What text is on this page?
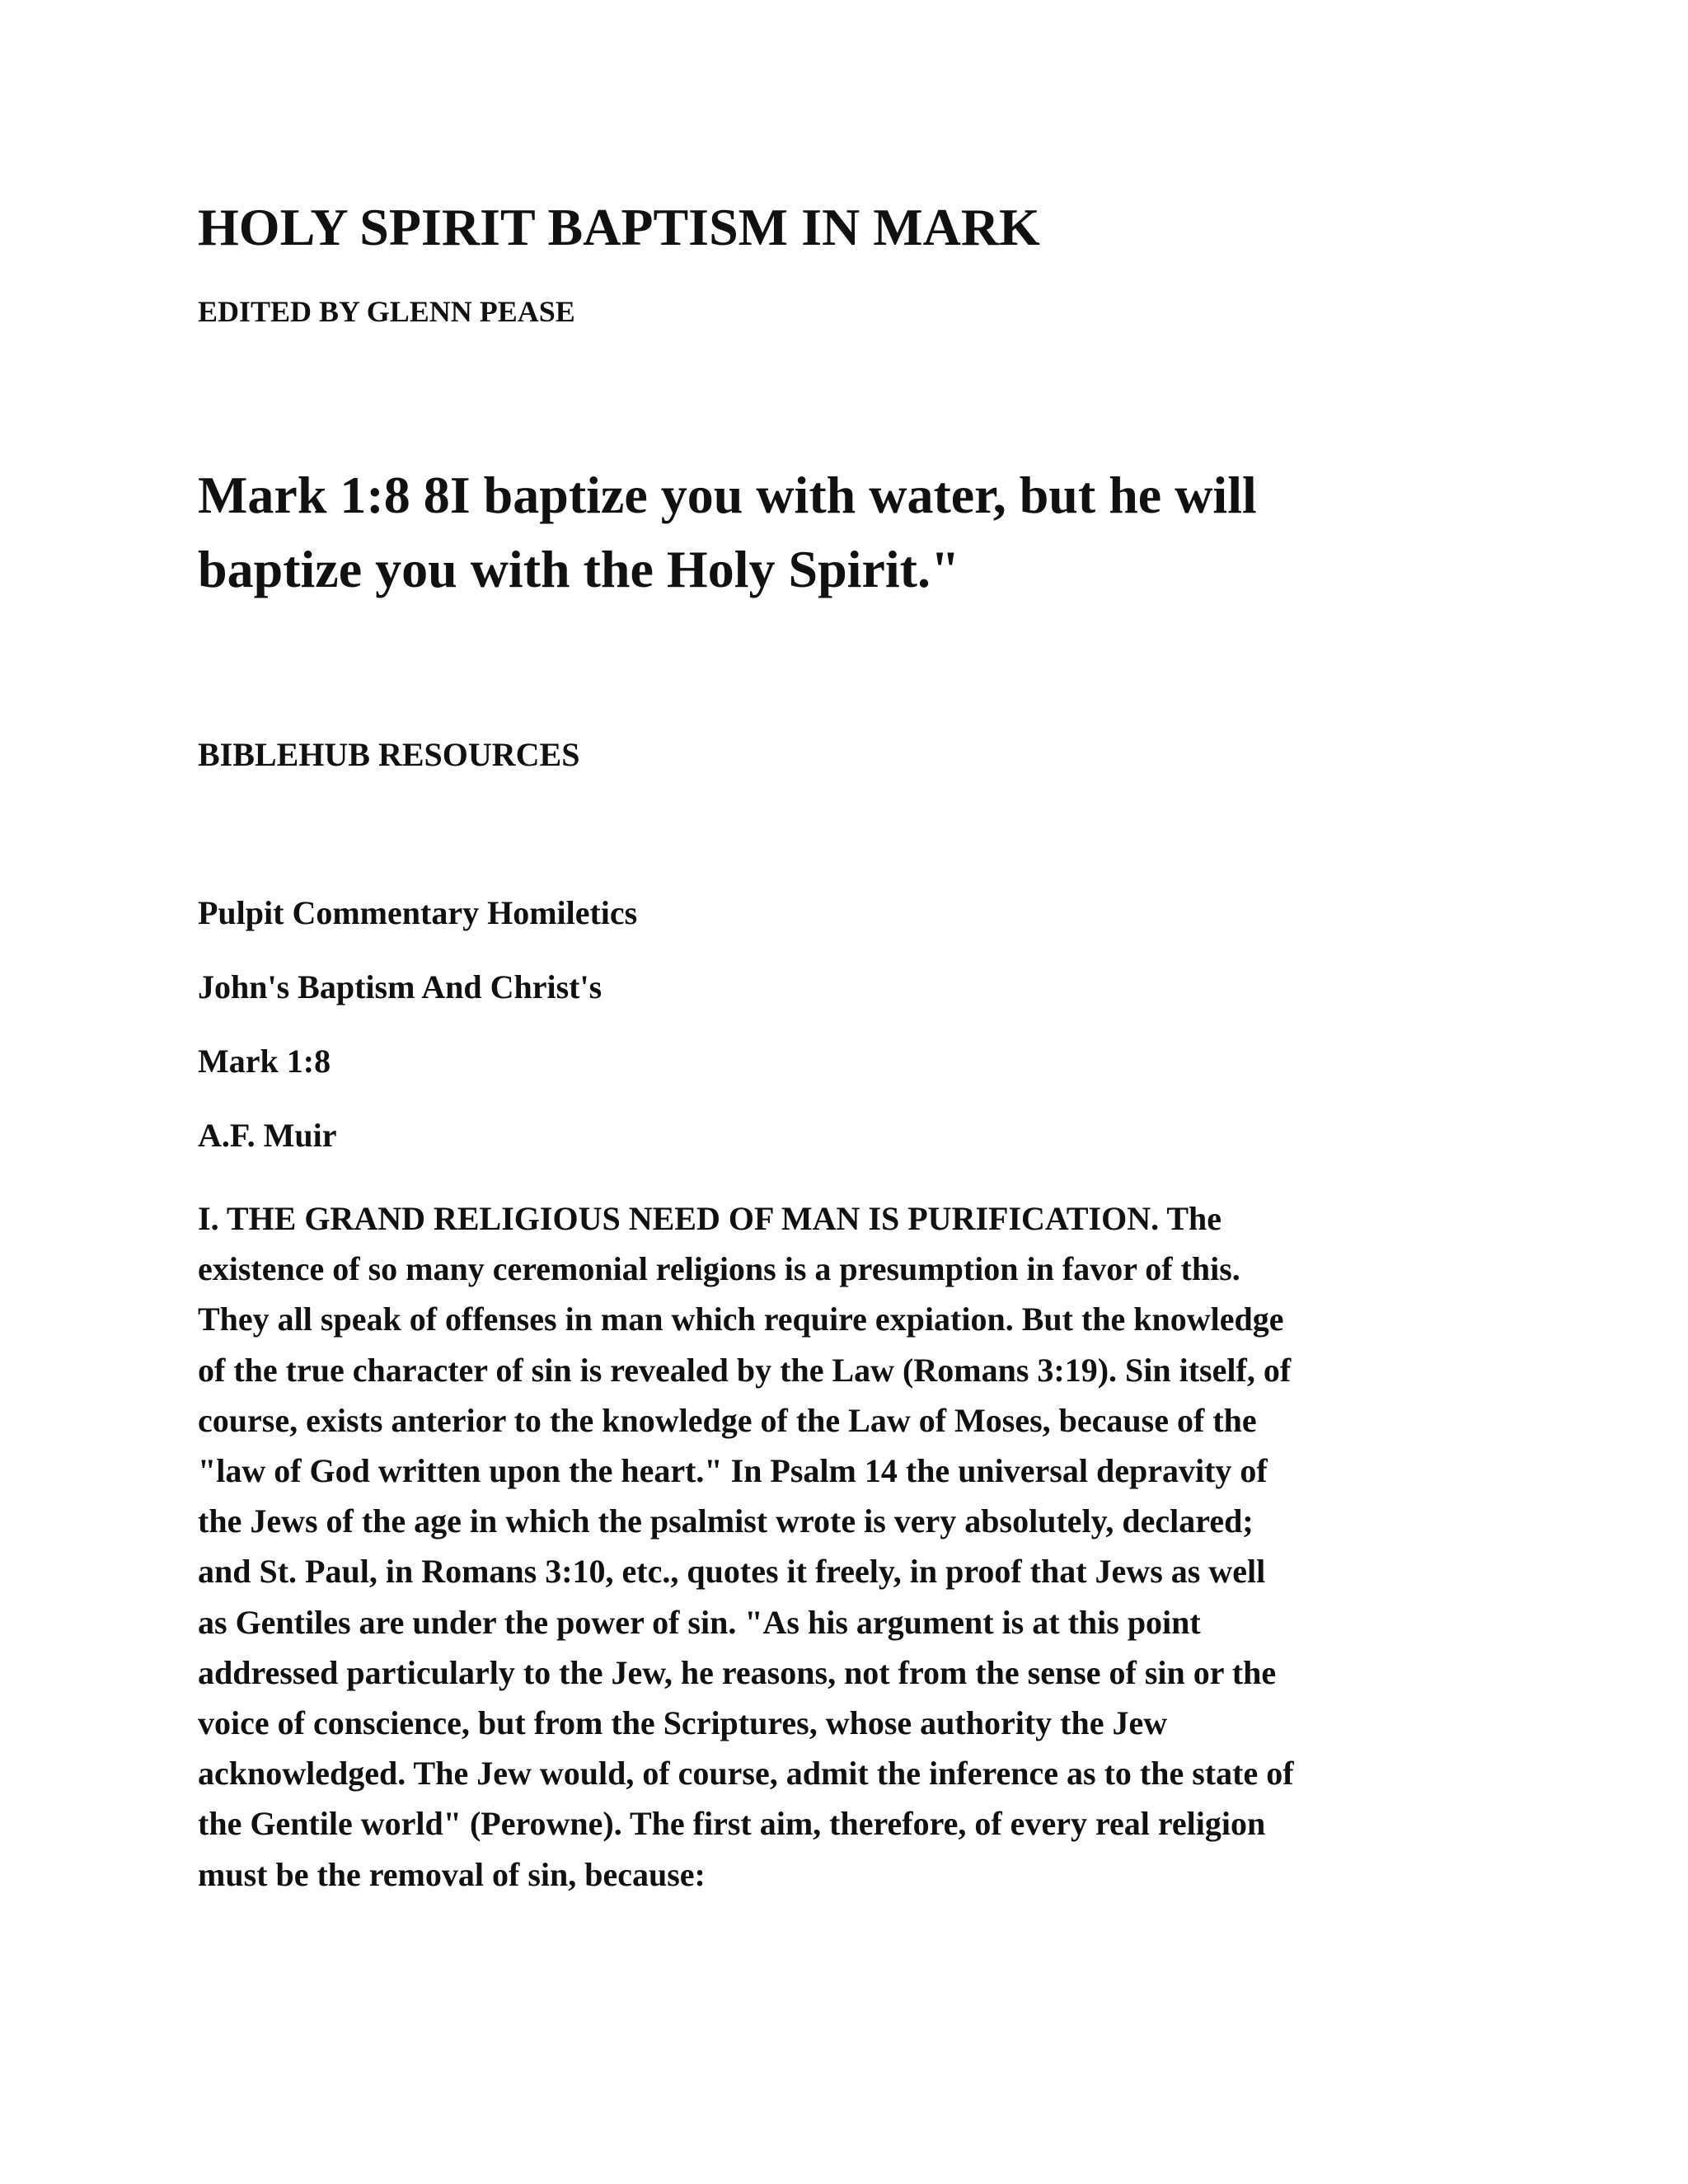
HOLY SPIRIT BAPTISM IN MARK
EDITED BY GLENN PEASE
Mark 1:8 8I baptize you with water, but he will
baptize you with the Holy Spirit."
BIBLEHUB RESOURCES
Pulpit Commentary Homiletics
John's Baptism And Christ's
Mark 1:8
A.F. Muir
I. THE GRAND RELIGIOUS NEED OF MAN IS PURIFICATION. The
existence of so many ceremonial religions is a presumption in favor of this.
They all speak of offenses in man which require expiation. But the knowledge
of the true character of sin is revealed by the Law (Romans 3:19). Sin itself, of
course, exists anterior to the knowledge of the Law of Moses, because of the
"law of God written upon the heart." In Psalm 14 the universal depravity of
the Jews of the age in which the psalmist wrote is very absolutely, declared;
and St. Paul, in Romans 3:10, etc., quotes it freely, in proof that Jews as well
as Gentiles are under the power of sin. "As his argument is at this point
addressed particularly to the Jew, he reasons, not from the sense of sin or the
voice of conscience, but from the Scriptures, whose authority the Jew
acknowledged. The Jew would, of course, admit the inference as to the state of
the Gentile world" (Perowne). The first aim, therefore, of every real religion
must be the removal of sin, because:
